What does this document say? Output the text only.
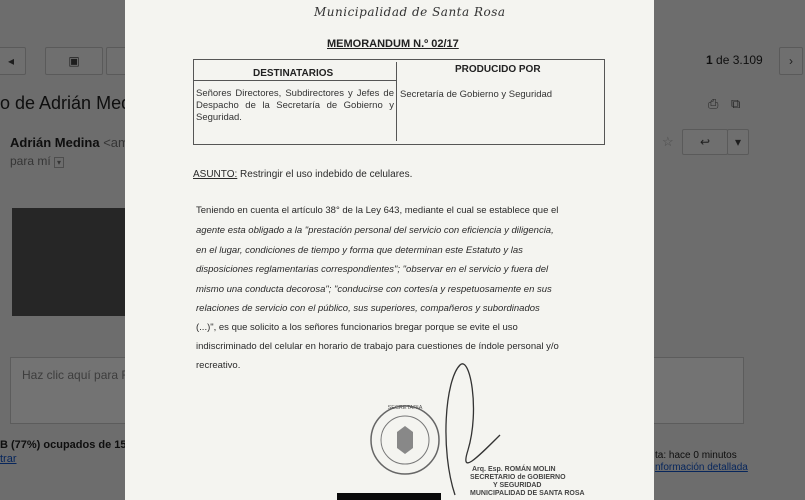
Municipalidad de Santa Rosa
MEMORANDUM N.º 02/17
DESTINATARIOS	PRODUCIDO POR
Señores Directores, Subdirectores y Jefes de Despacho de la Secretaría de Gobierno y Seguridad.
Secretaría de Gobierno y Seguridad
ASUNTO: Restringir el uso indebido de celulares.
Teniendo en cuenta el artículo 38° de la Ley 643, mediante el cual se establece que el
agente esta obligado a la "prestación personal del servicio con eficiencia y diligencia,
en el lugar, condiciones de tiempo y forma que determinan este Estatuto y las
disposiciones reglamentarias correspondientes"; "observar en el servicio y fuera del
mismo una conducta decorosa"; "conducirse con cortesía y respetuosamente en sus
relaciones de servicio con el público, sus superiores, compañeros y subordinados
(...)", es que solicito a los señores funcionarios bregar porque se evite el uso
indiscriminado del celular en horario de trabajo para cuestiones de índole personal y/o
recreativo.
SECRETARIA
Arq. Esp. ROMÁN MOLIN
SECRETARIO de GOBIERNO
Y SEGURIDAD
MUNICIPALIDAD DE SANTA ROSA
